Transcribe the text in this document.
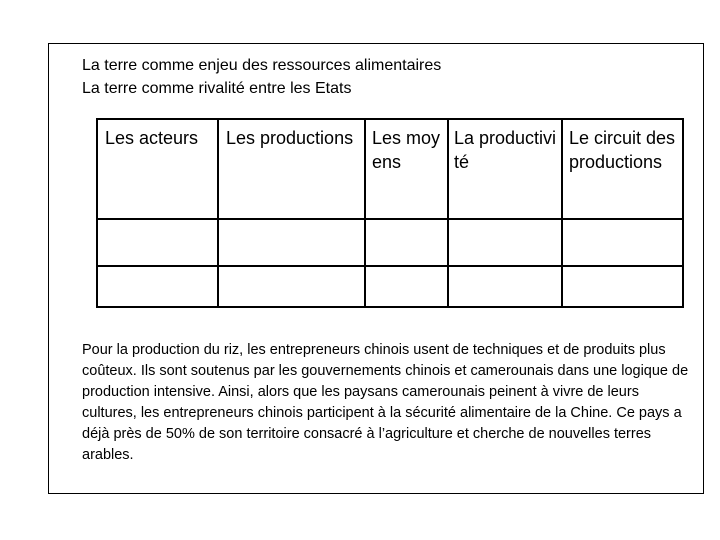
La terre comme enjeu des ressources alimentaires
La terre comme rivalité entre les Etats
Les acteurs	Les productions Les moyens
La productivité
Le circuit des productions
Pour la production du riz, les entrepreneurs chinois usent de techniques et de produits plus coûteux. Ils sont soutenus par les gouvernements chinois et camerounais dans une logique de production intensive. Ainsi, alors que les paysans camerounais peinent à vivre de leurs cultures, les entrepreneurs chinois participent à la sécurité alimentaire de la Chine. Ce pays a déjà près de 50% de son territoire consacré à l’agriculture et cherche de nouvelles terres arables.
